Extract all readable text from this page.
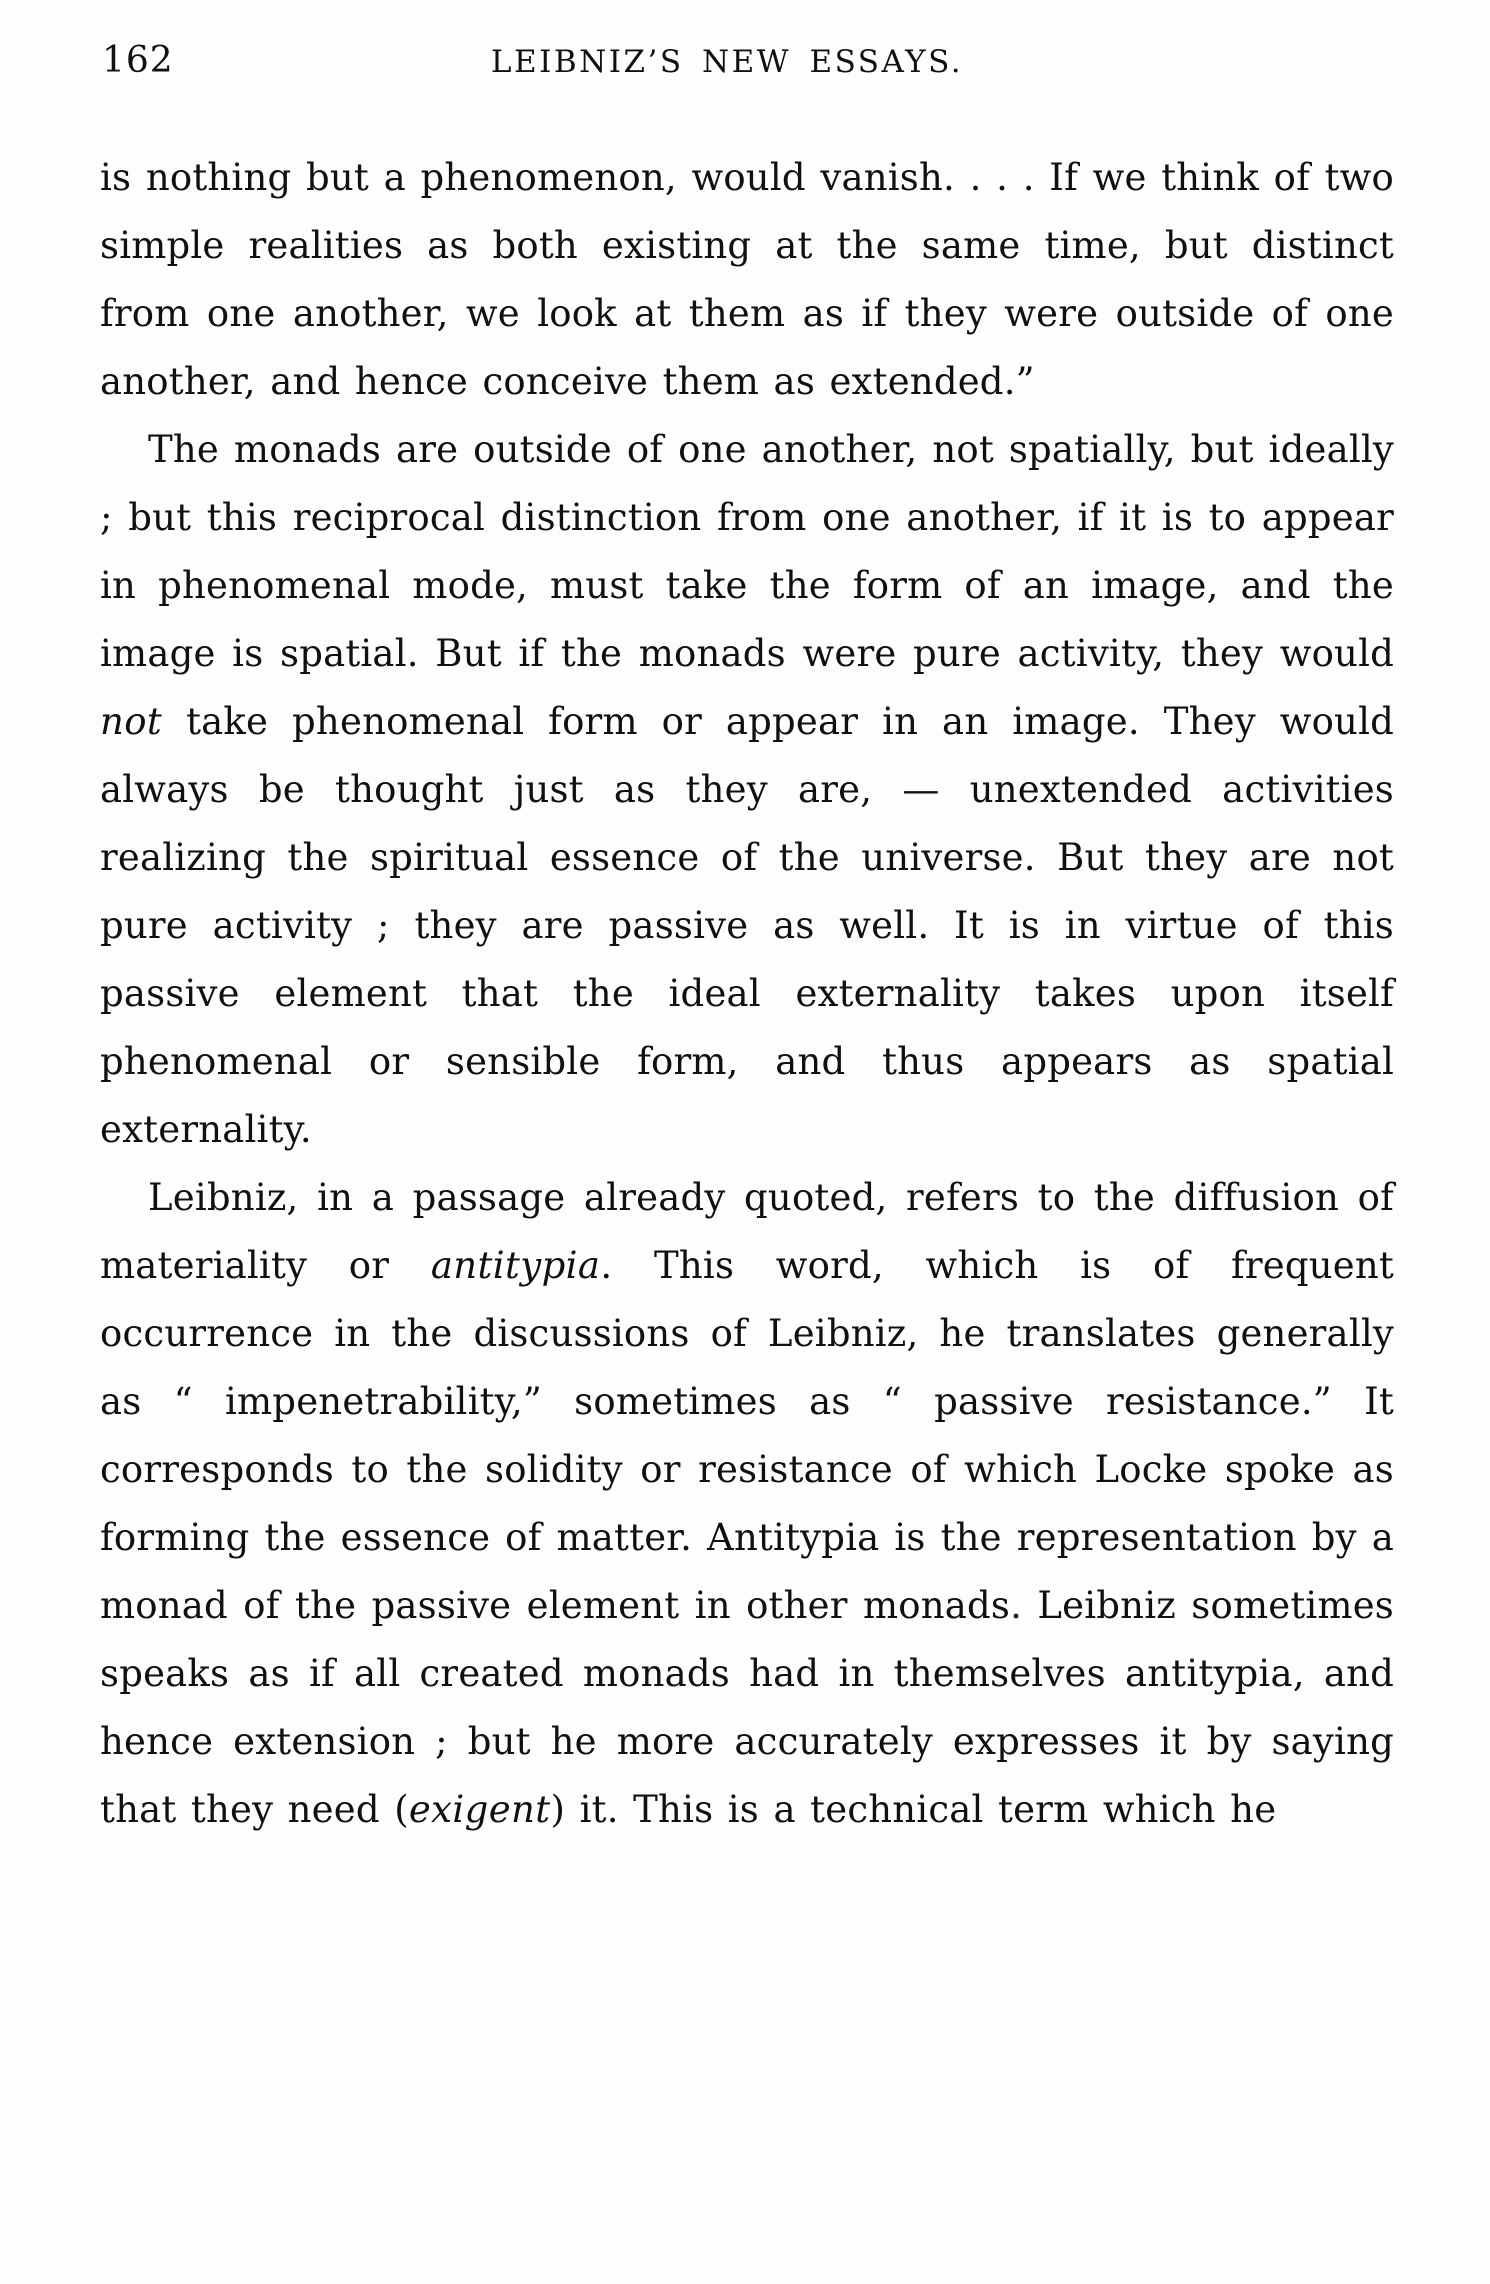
162	LEIBNIZ’S NEW ESSAYS.

is nothing but a phenomenon, would vanish. . . . If we think of two simple realities as both existing at the same time, but distinct from one another, we look at them as if they were outside of one another, and hence conceive them as extended.”

The monads are outside of one another, not spatially, but ideally ; but this reciprocal distinction from one another, if it is to appear in phenomenal mode, must take the form of an image, and the image is spatial. But if the monads were pure activity, they would not take phenomenal form or appear in an image. They would always be thought just as they are, — unextended activities realizing the spiritual essence of the universe. But they are not pure activity ; they are passive as well. It is in virtue of this passive element that the ideal externality takes upon itself phenomenal or sensible form, and thus appears as spatial externality.

Leibniz, in a passage already quoted, refers to the diffusion of materiality or antitypia. This word, which is of frequent occurrence in the discussions of Leibniz, he translates generally as “ impenetrability,” sometimes as “ passive resistance.” It corresponds to the solidity or resistance of which Locke spoke as forming the essence of matter. Antitypia is the representation by a monad of the passive element in other monads. Leibniz sometimes speaks as if all created monads had in themselves antitypia, and hence extension ; but he more accurately expresses it by saying that they need (exigent) it. This is a technical term which he
